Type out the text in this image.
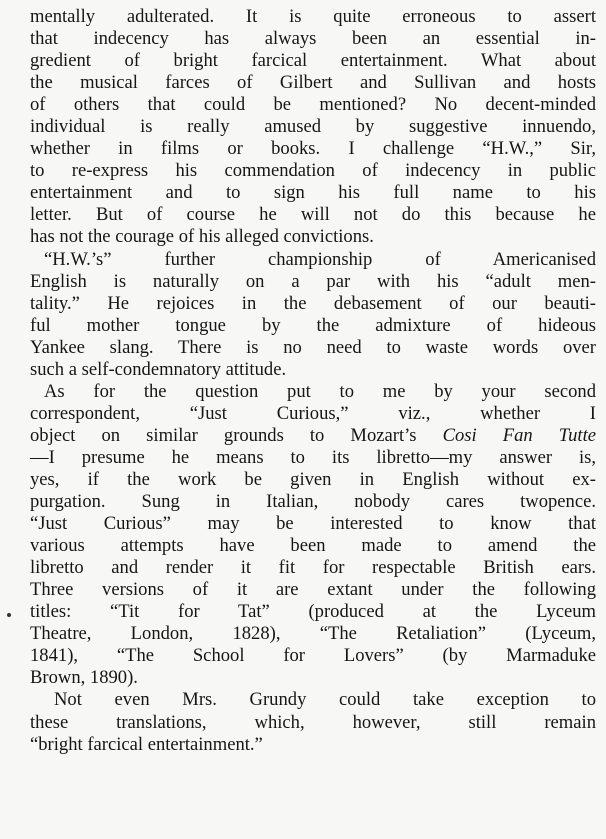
mentally adulterated. It is quite erroneous to assert
that indecency has always been an essential in-
gredient of bright farcical entertainment. What about
the musical farces of Gilbert and Sullivan and hosts
of others that could be mentioned? No decent-minded
individual is really amused by suggestive innuendo,
whether in films or books. I challenge “H.W.,” Sir,
to re-express his commendation of indecency in public
entertainment and to sign his full name to his
letter. But of course he will not do this because he
has not the courage of his alleged convictions.
“H.W.’s” further championship of Americanised
English is naturally on a par with his “adult men-
tality.” He rejoices in the debasement of our beauti-
ful mother tongue by the admixture of hideous
Yankee slang. There is no need to waste words over
such a self-condemnatory attitude.
As for the question put to me by your second
correspondent, “Just Curious,” viz., whether I
object on similar grounds to Mozart’s Cosi Fan Tutte
—I presume he means to its libretto—my answer is,
yes, if the work be given in English without ex-
purgation. Sung in Italian, nobody cares twopence.
“Just Curious” may be interested to know that
various attempts have been made to amend the
libretto and render it fit for respectable British ears.
Three versions of it are extant under the following
titles: “Tit for Tat” (produced at the Lyceum
Theatre, London, 1828), “The Retaliation” (Lyceum,
1841), “The School for Lovers” (by Marmaduke
Brown, 1890).
Not even Mrs. Grundy could take exception to
these translations, which, however, still remain
“bright farcical entertainment.”
